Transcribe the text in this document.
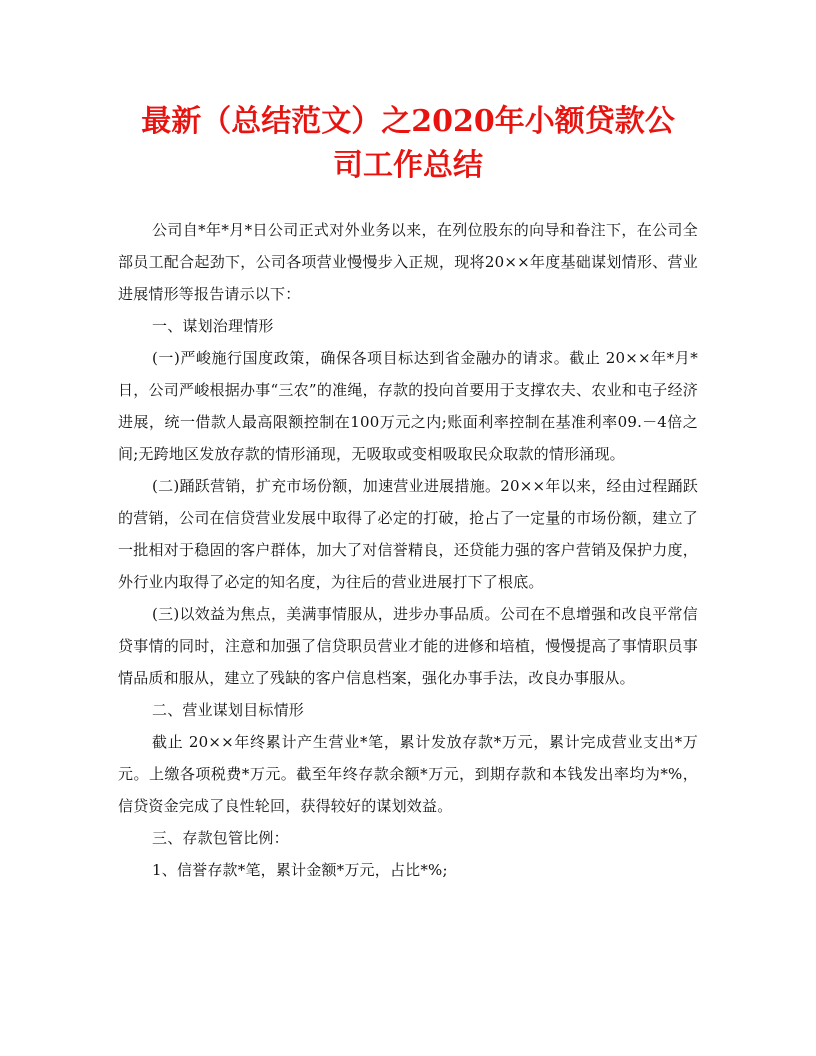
最新（总结范文）之2020年小额贷款公
司工作总结

公司自*年*月*日公司正式对外业务以来，在列位股东的向导和眷注下，在公司全部员工配合起劲下，公司各项营业慢慢步入正规，现将20××年度基础谋划情形、营业进展情形等报告请示以下：

一、谋划治理情形

(一)严峻施行国度政策，确保各项目标达到省金融办的请求。截止 20××年*月*日，公司严峻根据办事“三农”的准绳，存款的投向首要用于支撑农夫、农业和屯子经济进展，统一借款人最高限额控制在100万元之内;账面利率控制在基准利率09.－4倍之间;无跨地区发放存款的情形涌现，无吸取或变相吸取民众取款的情形涌现。

(二)踊跃营销，扩充市场份额，加速营业进展措施。20××年以来，经由过程踊跃的营销，公司在信贷营业发展中取得了必定的打破，抢占了一定量的市场份额，建立了一批相对于稳固的客户群体，加大了对信誉精良，还贷能力强的客户营销及保护力度，外行业内取得了必定的知名度，为往后的营业进展打下了根底。

(三)以效益为焦点，美满事情服从，进步办事品质。公司在不息增强和改良平常信贷事情的同时，注意和加强了信贷职员营业才能的进修和培植，慢慢提高了事情职员事情品质和服从，建立了残缺的客户信息档案，强化办事手法，改良办事服从。

二、营业谋划目标情形

截止 20××年终累计产生营业*笔，累计发放存款*万元，累计完成营业支出*万元。上缴各项税费*万元。截至年终存款余额*万元，到期存款和本钱发出率均为*%，信贷资金完成了良性轮回，获得较好的谋划效益。

三、存款包管比例：

1、信誉存款*笔，累计金额*万元，占比*%;
